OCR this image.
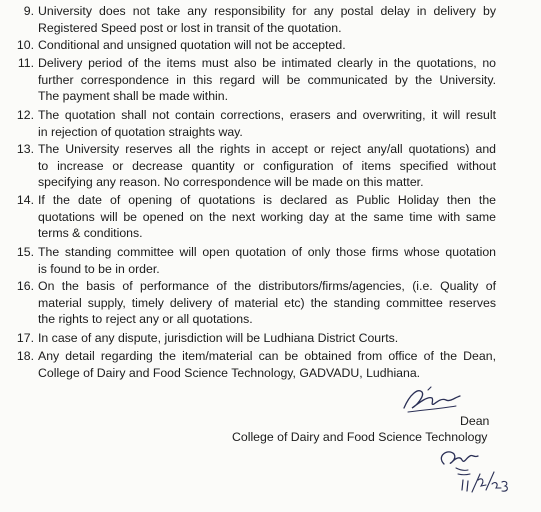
9. University does not take any responsibility for any postal delay in delivery by
Registered Speed post or lost in transit of the quotation.
10. Conditional and unsigned quotation will not be accepted.
11. Delivery period of the items must also be intimated clearly in the quotations, no
further correspondence in this regard will be communicated by the University.
The payment shall be made within.
12. The quotation shall not contain corrections, erasers and overwriting, it will result
in rejection of quotation straights way.
13. The University reserves all the rights in accept or reject any/all quotations) and
to increase or decrease quantity or configuration of items specified without
specifying any reason. No correspondence will be made on this matter.
14. If the date of opening of quotations is declared as Public Holiday then the
quotations will be opened on the next working day at the same time with same
terms & conditions.
15. The standing committee will open quotation of only those firms whose quotation
is found to be in order.
16. On the basis of performance of the distributors/firms/agencies, (i.e. Quality of
material supply, timely delivery of material etc) the standing committee reserves
the rights to reject any or all quotations.
17. In case of any dispute, jurisdiction will be Ludhiana District Courts.
18. Any detail regarding the item/material can be obtained from office of the Dean,
College of Dairy and Food Science Technology, GADVADU, Ludhiana.
Dean
College of Dairy and Food Science Technology
